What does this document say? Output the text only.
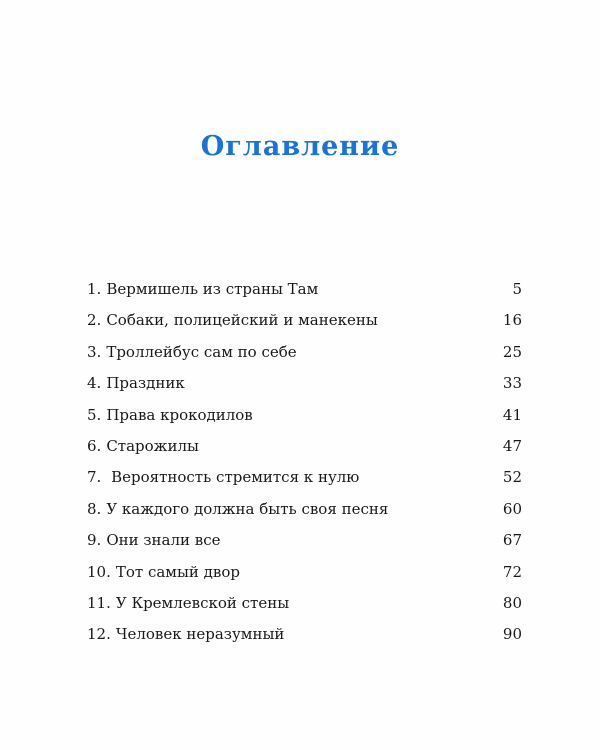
Оглавление
1. Вермишель из страны Там	5
2. Собаки, полицейский и манекены	16
3. Троллейбус сам по себе	25
4. Праздник	33
5. Права крокодилов	41
6. Старожилы	47
7. Вероятность стремится к нулю	52
8. У каждого должна быть своя песня	60
9. Они знали все	67
10. Тот самый двор	72
11. У Кремлевской стены	80
12. Человек неразумный	90
